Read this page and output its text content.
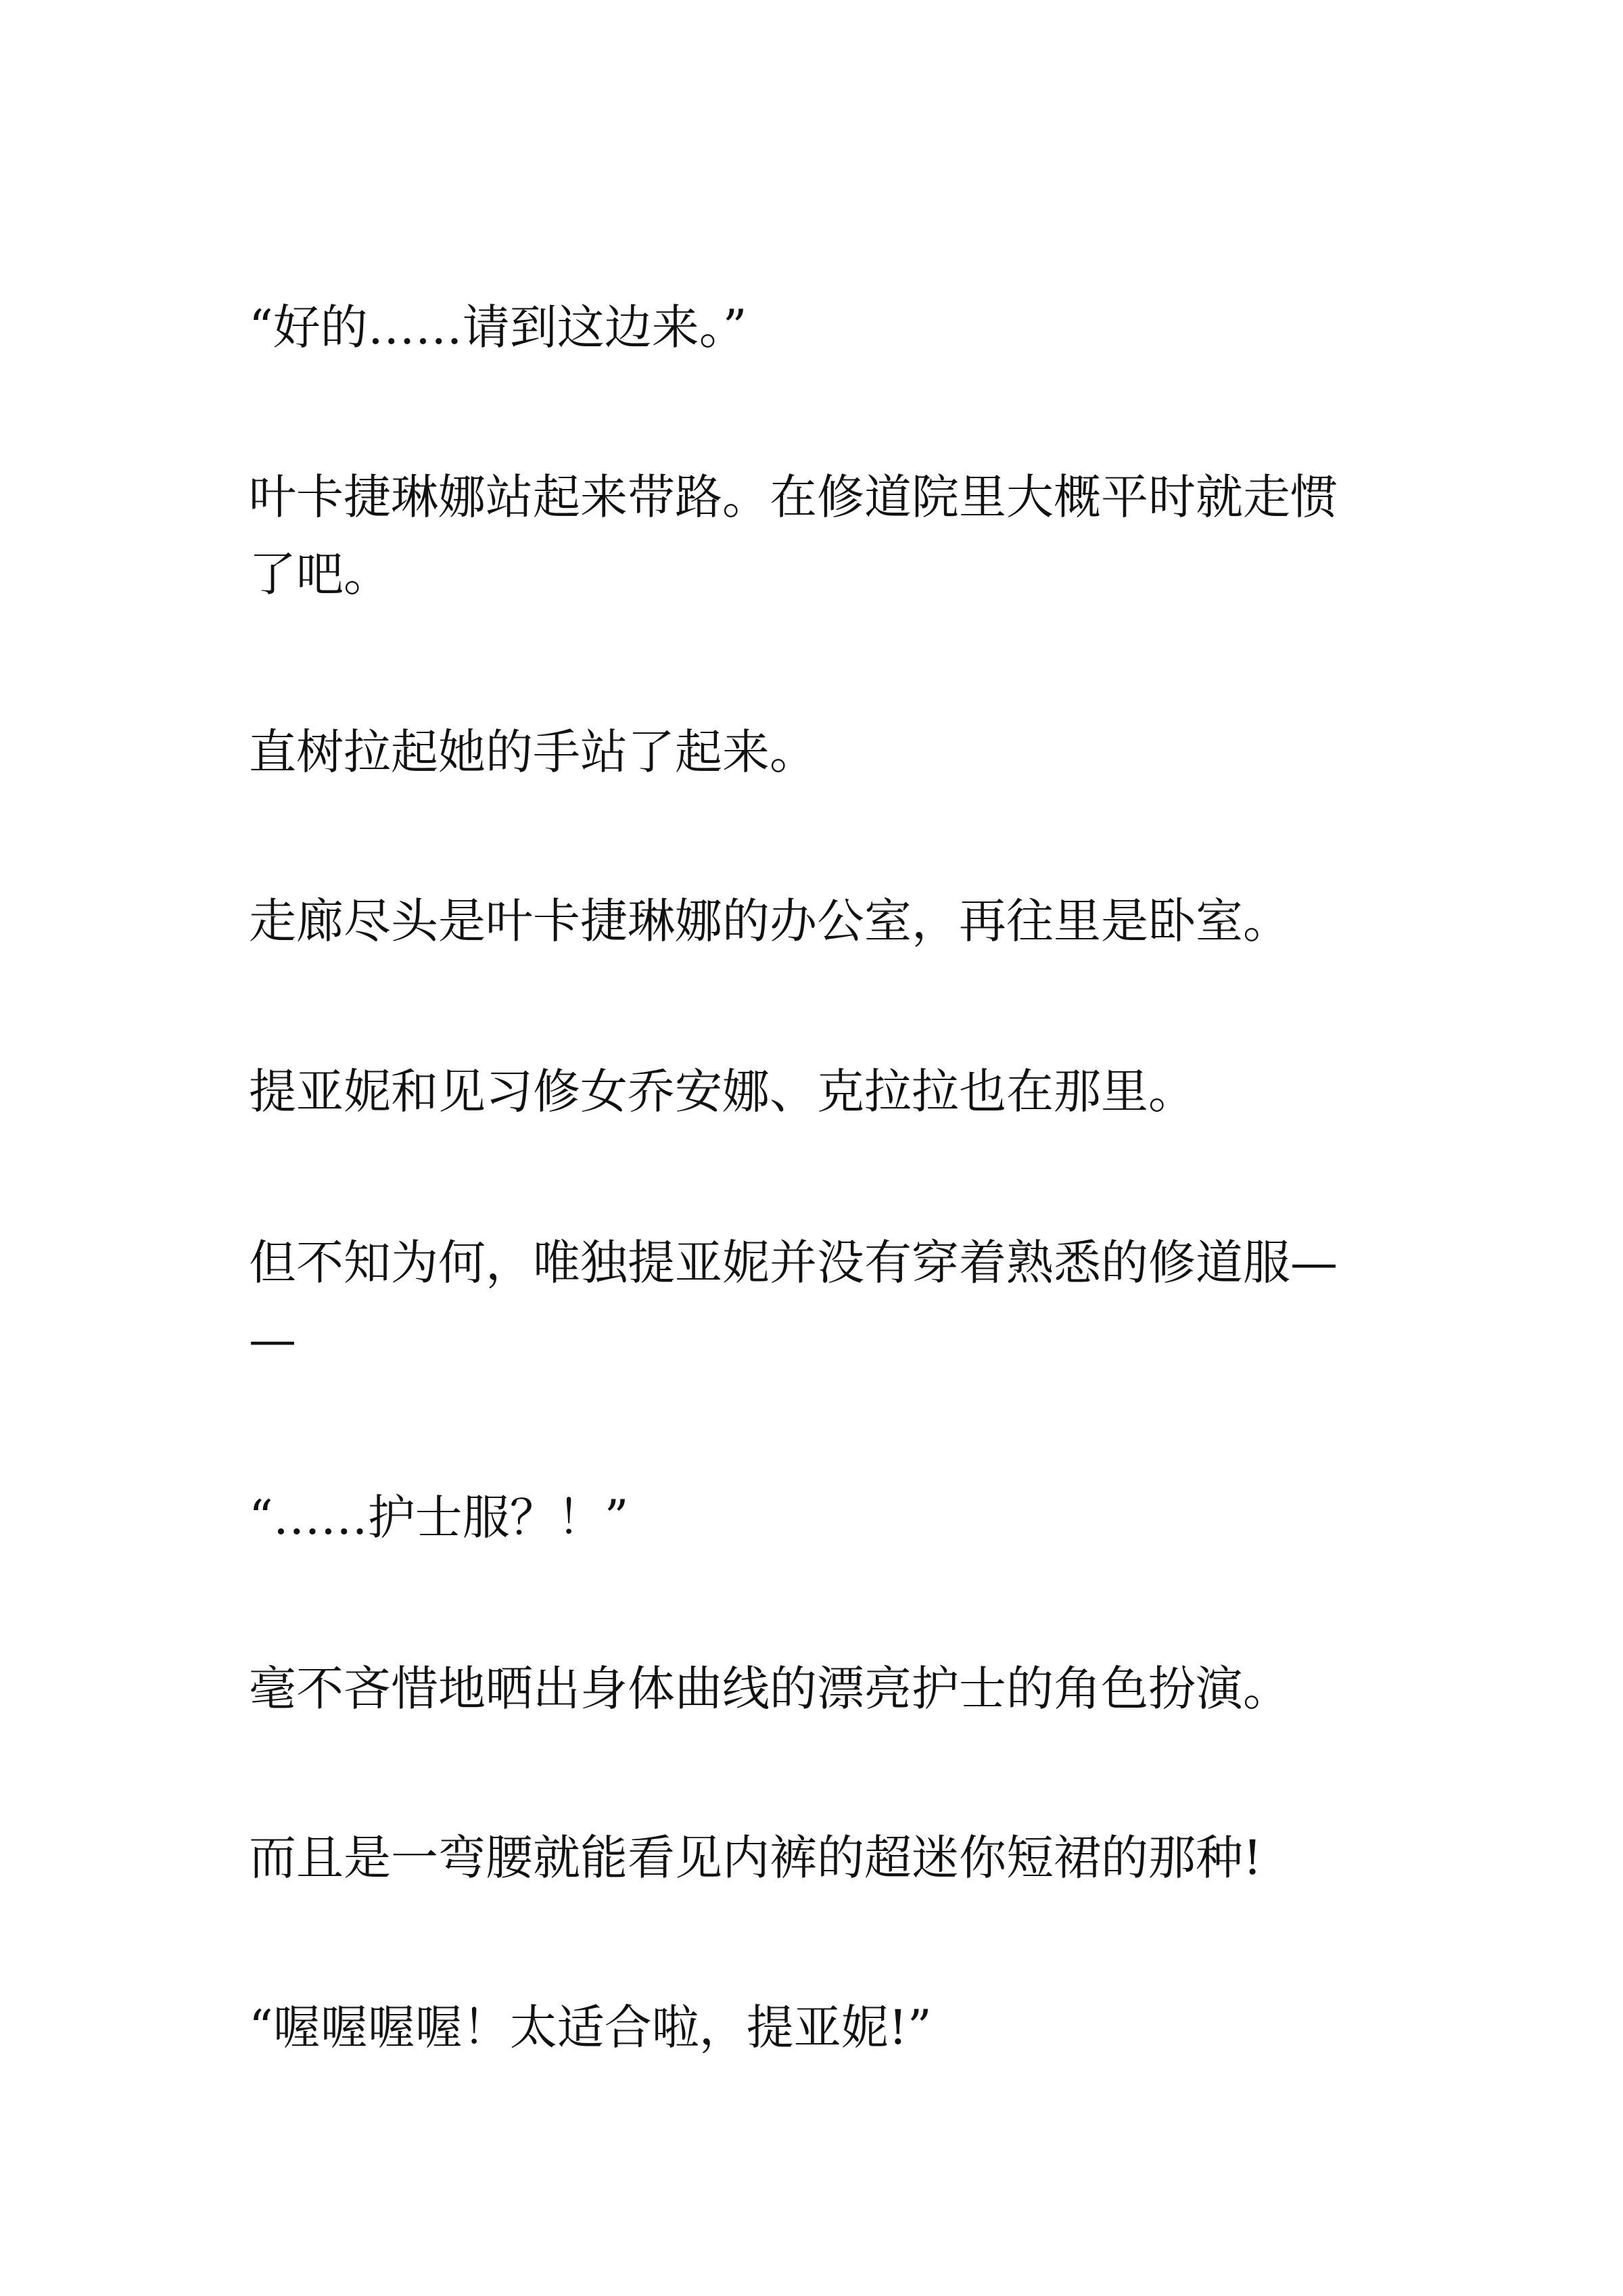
“好的……请到这边来。”

叶卡捷琳娜站起来带路。在修道院里大概平时就走惯
了吧。

直树拉起她的手站了起来。

走廊尽头是叶卡捷琳娜的办公室，再往里是卧室。

提亚妮和见习修女乔安娜、克拉拉也在那里。

但不知为何，唯独提亚妮并没有穿着熟悉的修道服—
—

“……护士服？！”

毫不吝惜地晒出身体曲线的漂亮护士的角色扮演。

而且是一弯腰就能看见内裤的超迷你短裙的那种!

“喔喔喔喔！太适合啦，提亚妮!”
